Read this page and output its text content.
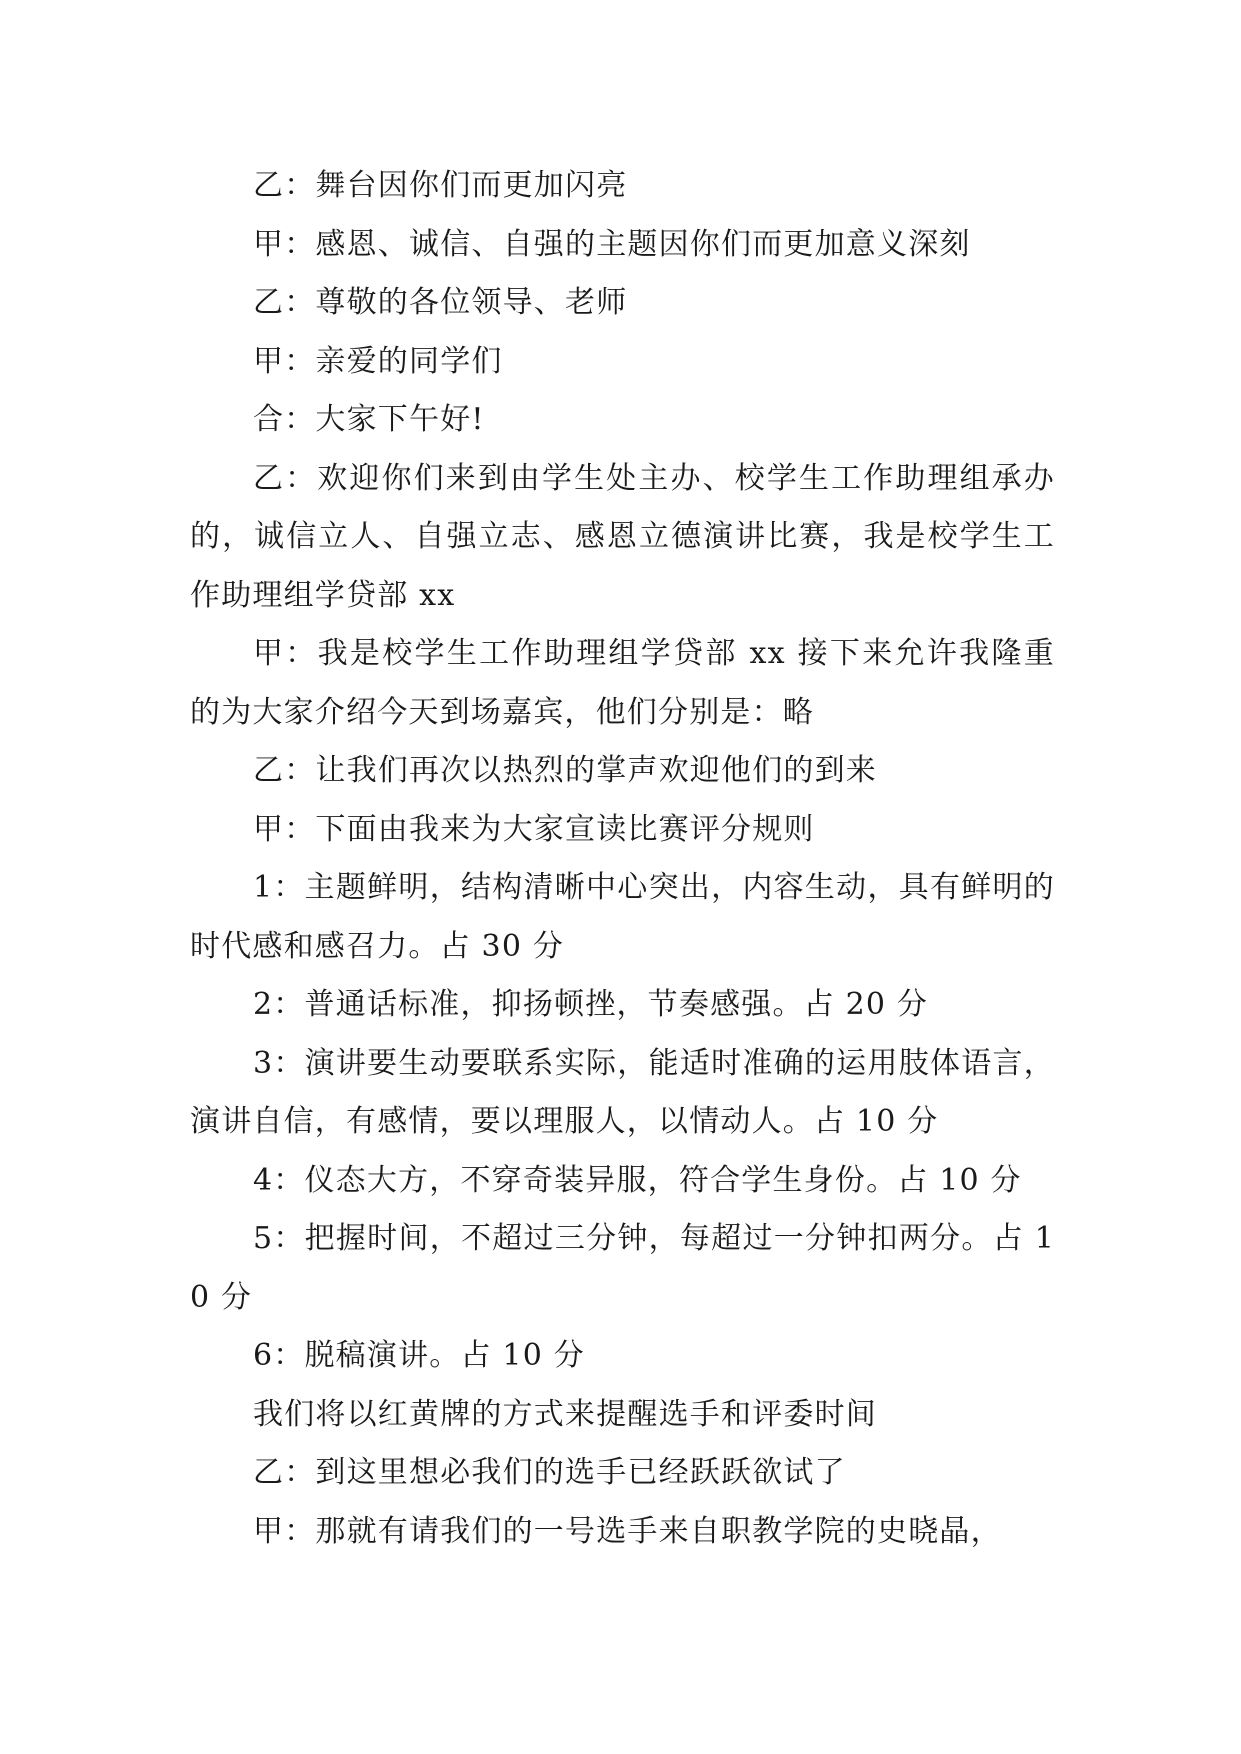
乙：舞台因你们而更加闪亮

甲：感恩、诚信、自强的主题因你们而更加意义深刻

乙：尊敬的各位领导、老师

甲：亲爱的同学们

合：大家下午好!

乙：欢迎你们来到由学生处主办、校学生工作助理组承办的，诚信立人、自强立志、感恩立德演讲比赛，我是校学生工作助理组学贷部 xx

甲：我是校学生工作助理组学贷部 xx 接下来允许我隆重的为大家介绍今天到场嘉宾，他们分别是：略

乙：让我们再次以热烈的掌声欢迎他们的到来

甲：下面由我来为大家宣读比赛评分规则

1：主题鲜明，结构清晰中心突出，内容生动，具有鲜明的时代感和感召力。占 30 分

2：普通话标准，抑扬顿挫，节奏感强。占 20 分

3：演讲要生动要联系实际，能适时准确的运用肢体语言，演讲自信，有感情，要以理服人，以情动人。占 10 分

4：仪态大方，不穿奇装异服，符合学生身份。占 10 分

5：把握时间，不超过三分钟，每超过一分钟扣两分。占 10 分

6：脱稿演讲。占 10 分

我们将以红黄牌的方式来提醒选手和评委时间

乙：到这里想必我们的选手已经跃跃欲试了

甲：那就有请我们的一号选手来自职教学院的史晓晶，
